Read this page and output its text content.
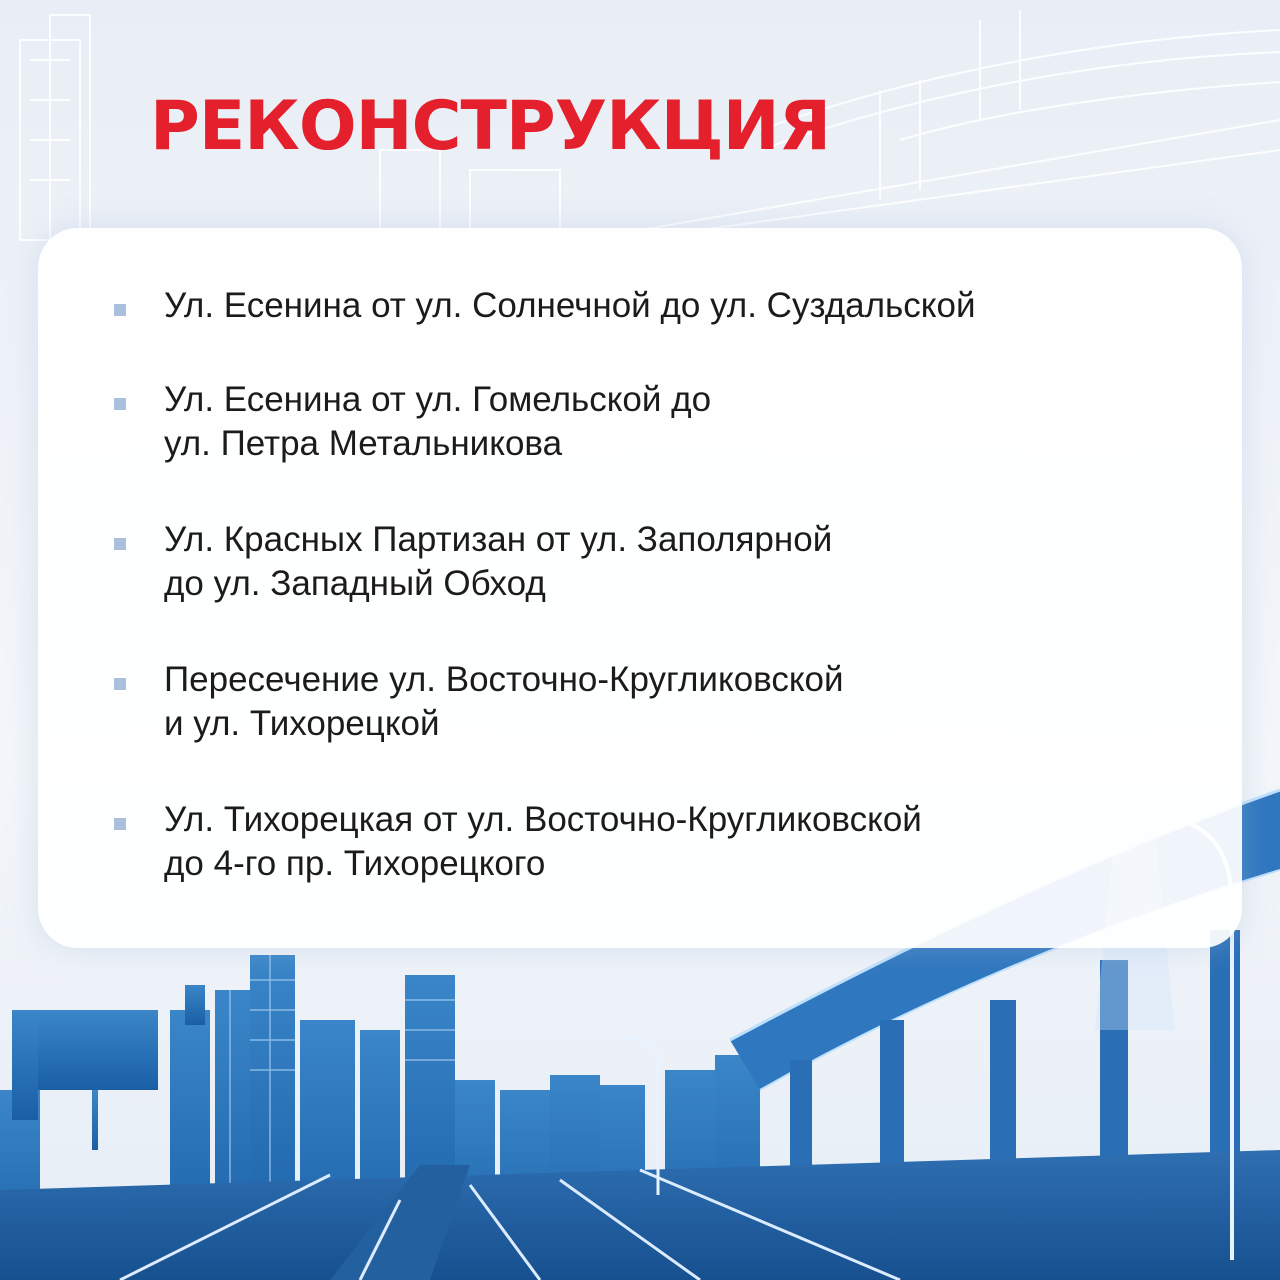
РЕКОНСТРУКЦИЯ
Ул. Есенина от ул. Солнечной до ул. Суздальской
Ул. Есенина от ул. Гомельской до
ул. Петра Метальникова
Ул. Красных Партизан от ул. Заполярной
до ул. Западный Обход
Пересечение ул. Восточно-Кругликовской
и ул. Тихорецкой
Ул. Тихорецкая от ул. Восточно-Кругликовской
до 4-го пр. Тихорецкого
